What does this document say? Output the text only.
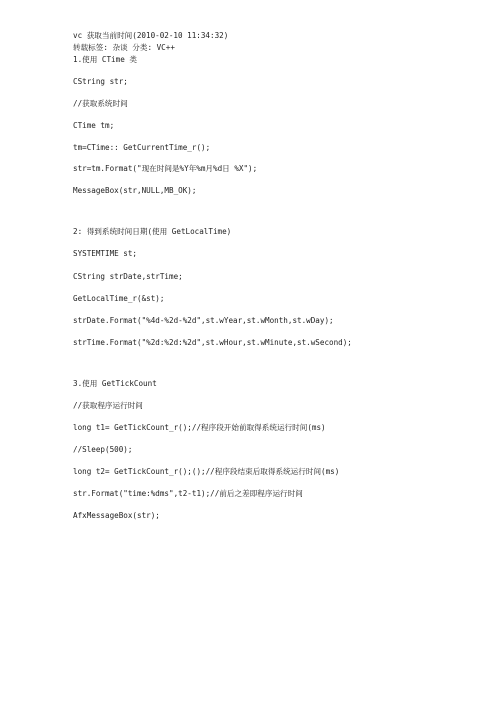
vc 获取当前时间(2010-02-10 11:34:32)
转载标签: 杂谈 分类: VC++
1.使用 CTime 类
CString str;
//获取系统时间
CTime tm;
tm=CTime:: GetCurrentTime_r();
str=tm.Format("现在时间是%Y年%m月%d日 %X");
MessageBox(str,NULL,MB_OK);
2: 得到系统时间日期(使用 GetLocalTime)
SYSTEMTIME st;
CString strDate,strTime;
GetLocalTime_r(&st);
strDate.Format("%4d-%2d-%2d",st.wYear,st.wMonth,st.wDay);
strTime.Format("%2d:%2d:%2d",st.wHour,st.wMinute,st.wSecond);
3.使用 GetTickCount
//获取程序运行时间
long t1= GetTickCount_r();//程序段开始前取得系统运行时间(ms)
//Sleep(500);
long t2= GetTickCount_r();();//程序段结束后取得系统运行时间(ms)
str.Format("time:%dms",t2-t1);//前后之差即程序运行时间
AfxMessageBox(str);
